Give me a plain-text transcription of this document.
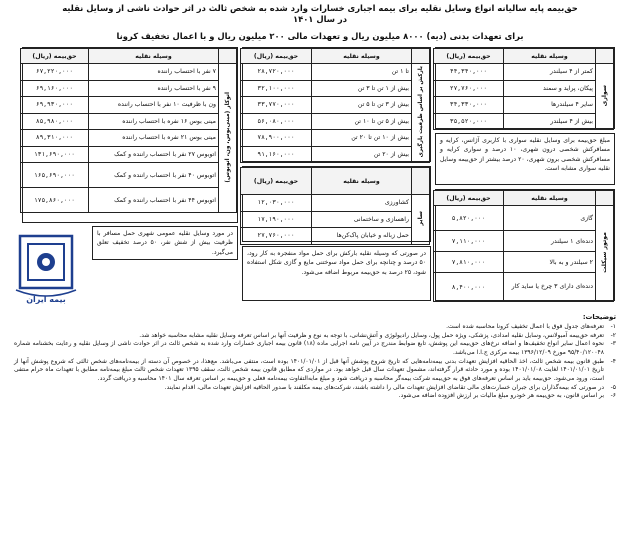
حق‌بیمه پایه سالیانه انواع وسایل نقلیه برای بیمه اجباری خسارات وارد شده به شخص ثالث در اثر حوادث ناشی از وسایل نقلیه در سال ۱۴۰۱
برای تعهدات بدنی (دیه) ۸۰۰۰ میلیون ریال و تعهدات مالی ۲۰۰ میلیون ریال و با اعمال تخفیف کرونا
	وسیله نقلیه	حق‌بیمه (ریال)
سواری	کمتر از ۴ سیلندر	۴۴,۳۴۰,۰۰۰
	پیکان، پراید و سمند	۲۷,۷۶۰,۰۰۰
	سایر ۴ سیلندرها	۳۴,۳۳۰,۰۰۰
	بیش از ۴ سیلندر	۳۵,۵۲۰,۰۰۰
مبلغ حق‌بیمه برای وسایل نقلیه سواری با کاربری آژانس، کرایه و مسافرکش شخصی درون شهری، ۱۰ درصد و سواری کرایه و مسافرکش شخصی برون شهری، ۲۰ درصد بیشتر از حق‌بیمه وسایل نقلیه سواری مشابه است.
	وسیله نقلیه	حق‌بیمه (ریال)
موتور سیکلت	گازی	۵,۸۲۰,۰۰۰
	دنده‌ای ۱ سیلندر	۷,۱۱۰,۰۰۰
	۲ سیلندر و به بالا	۷,۸۱۰,۰۰۰
	دنده‌ای دارای ۳ چرخ یا ساید کار	۸,۴۰۰,۰۰۰
	وسیله نقلیه	حق‌بیمه (ریال)
بارکش بر اساس ظرفیت بارگیری	تا ۱ تن	۲۸,۷۲۰,۰۰۰
	بیش از ۱ تن تا ۳ تن	۳۲,۱۰۰,۰۰۰
	بیش از ۳ تن تا ۵ تن	۳۳,۷۷۰,۰۰۰
	بیش از ۵ تن تا ۱۰ تن	۵۶,۰۸۰,۰۰۰
	بیش از ۱۰ تن تا ۲۰ تن	۷۸,۹۰۰,۰۰۰
	بیش از ۲۰ تن	۹۱,۱۶۰,۰۰۰
	وسیله نقلیه	حق‌بیمه (ریال)
سایر	کشاورزی	۱۲,۰۳۰,۰۰۰
	راهسازی و ساختمانی	۱۷,۱۹۰,۰۰۰
	حمل زباله و خیابان پاک‌کن‌ها	۲۷,۷۶۰,۰۰۰
در صورتی که وسیله نقلیه بارکش برای حمل مواد منفجره به کار رود، ۵۰ درصد و چنانچه برای حمل مواد سوختنی مایع و گازی شکل استفاده شود، ۲۵ درصد به حق‌بیمه مربوط اضافه می‌شود.
	وسیله نقلیه	حق‌بیمه (ریال)
اتوکار (مینی‌بوس، ون، اتوبوس)	۷ نفر با احتساب راننده	۶۷,۲۲۰,۰۰۰
	۹ نفر با احتساب راننده	۶۹,۱۶۰,۰۰۰
	ون با ظرفیت ۱۰ نفر با احتساب راننده	۶۹,۹۳۰,۰۰۰
	مینی بوس ۱۶ نفره با احتساب راننده	۸۵,۹۸۰,۰۰۰
	مینی بوس ۲۱ نفره با احتساب راننده	۸۹,۳۱۰,۰۰۰
	اتوبوس ۲۷ نفر با احتساب راننده و کمک	۱۳۱,۶۹۰,۰۰۰
	اتوبوس ۴۰ نفر با احتساب راننده و کمک	۱۶۵,۶۹۰,۰۰۰
	اتوبوس ۴۴ نفر با احتساب راننده و کمک	۱۷۵,۸۶۰,۰۰۰
در مورد وسایل نقلیه عمومی شهری حمل مسافر با ظرفیت بیش از شش نفر، ۵۰ درصد تخفیف تعلق می‌گیرد.
بیمه ایران
توضیحات:
۱-
تعرفه‌های جدول فوق با اعمال تخفیف کرونا محاسبه شده است.
۲-
تعرفه حق‌بیمه آمبولانس، وسایل نقلیه امدادی، پزشکی، ویژه حمل پول، وسایل رادیولوژی و آتش‌نشانی، با توجه به نوع و ظرفیت آنها بر اساس تعرفه وسایل نقلیه مشابه محاسبه خواهد شد.
۳-
نحوه اعمال سایر انواع تخفیف‌ها و اضافه نرخ‌های حق‌بیمه این پوشش، تابع ضوابط مندرج در آیین نامه اجرایی ماده (۱۸) قانون بیمه اجباری خسارات وارد شده به شخص ثالث در اثر حوادث ناشی از وسایل نقلیه و رعایت بخشنامه شماره ۹۵/۴۰/۱۲۰۰۴۸ مورخ ۱۳۹۶/۱۲/۰۹ بیمه مرکزی ج.ا.ا می‌باشد.
۴-
طبق قانون بیمه شخص ثالث، اخذ الحاقیه افزایش تعهدات بدنی بیمه‌نامه‌هایی که تاریخ شروع پوشش آنها قبل از ۱۴۰۱/۰۱/۰۱ بوده است، منتفی می‌باشد. مع‌هذا، در خصوص آن دسته از بیمه‌نامه‌های شخص ثالثی که شروع پوشش آنها از تاریخ ۱۴۰۱/۰۱/۰۱ لغایت ۱۴۰۱/۰۱/۰۸ بوده و مورد حادثه قرار گرفته‌اند، مشمول تعهدات سال قبل خواهد بود. در مواردی که مطابق قانون بیمه شخص ثالث، سقف ۱۳۹۵ تعهدات شخص ثالث مبلغ بیمه‌نامه مطابق با تعهدات ماه حرام منتفی است، ورود می‌شود. حق‌بیمه باید بر اساس تعرفه‌های فوق به حق‌بیمه شرکت بیمه‌گر محاسبه و دریافت شود و مبلغ مابه‌التفاوت بیمه‌نامه فعلی و حق‌بیمه بر اساس تعرفه سال ۱۴۰۱ محاسبه و دریافت گردد.
۵-
در صورتی که بیمه‌گذاران برای جبران خسارت‌های مالی تقاضای افزایش تعهدات مالی را داشته باشند، شرکت‌های بیمه مکلفند با صدور الحاقیه افزایش تعهدات مالی، اقدام نمایند.
۶-
بر اساس قانون، به حق‌بیمه هر خودرو مبلغ مالیات بر ارزش افزوده اضافه می‌شود.
